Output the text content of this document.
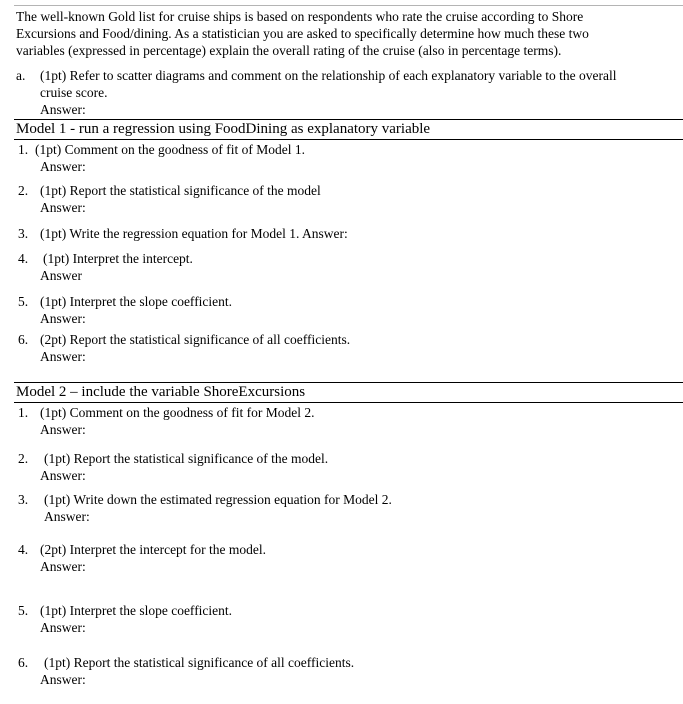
The well-known Gold list for cruise ships is based on respondents who rate the cruise according to Shore
Excursions and Food/dining. As a statistician you are asked to specifically determine how much these two
variables (expressed in percentage) explain the overall rating of the cruise (also in percentage terms).
a. (1pt) Refer to scatter diagrams and comment on the relationship of each explanatory variable to the overall
cruise score.
Answer:
Model 1 - run a regression using FoodDining as explanatory variable
1. (1pt) Comment on the goodness of fit of Model 1.
Answer:
2. (1pt) Report the statistical significance of the model
Answer:
3. (1pt) Write the regression equation for Model 1. Answer:
4. (1pt) Interpret the intercept.
Answer
5. (1pt) Interpret the slope coefficient.
Answer:
6. (2pt) Report the statistical significance of all coefficients.
Answer:
Model 2 – include the variable ShoreExcursions
1. (1pt) Comment on the goodness of fit for Model 2.
Answer:
2. (1pt) Report the statistical significance of the model.
Answer:
3. (1pt) Write down the estimated regression equation for Model 2.
Answer:
4. (2pt) Interpret the intercept for the model.
Answer:
5. (1pt) Interpret the slope coefficient.
Answer:
6. (1pt) Report the statistical significance of all coefficients.
Answer:
